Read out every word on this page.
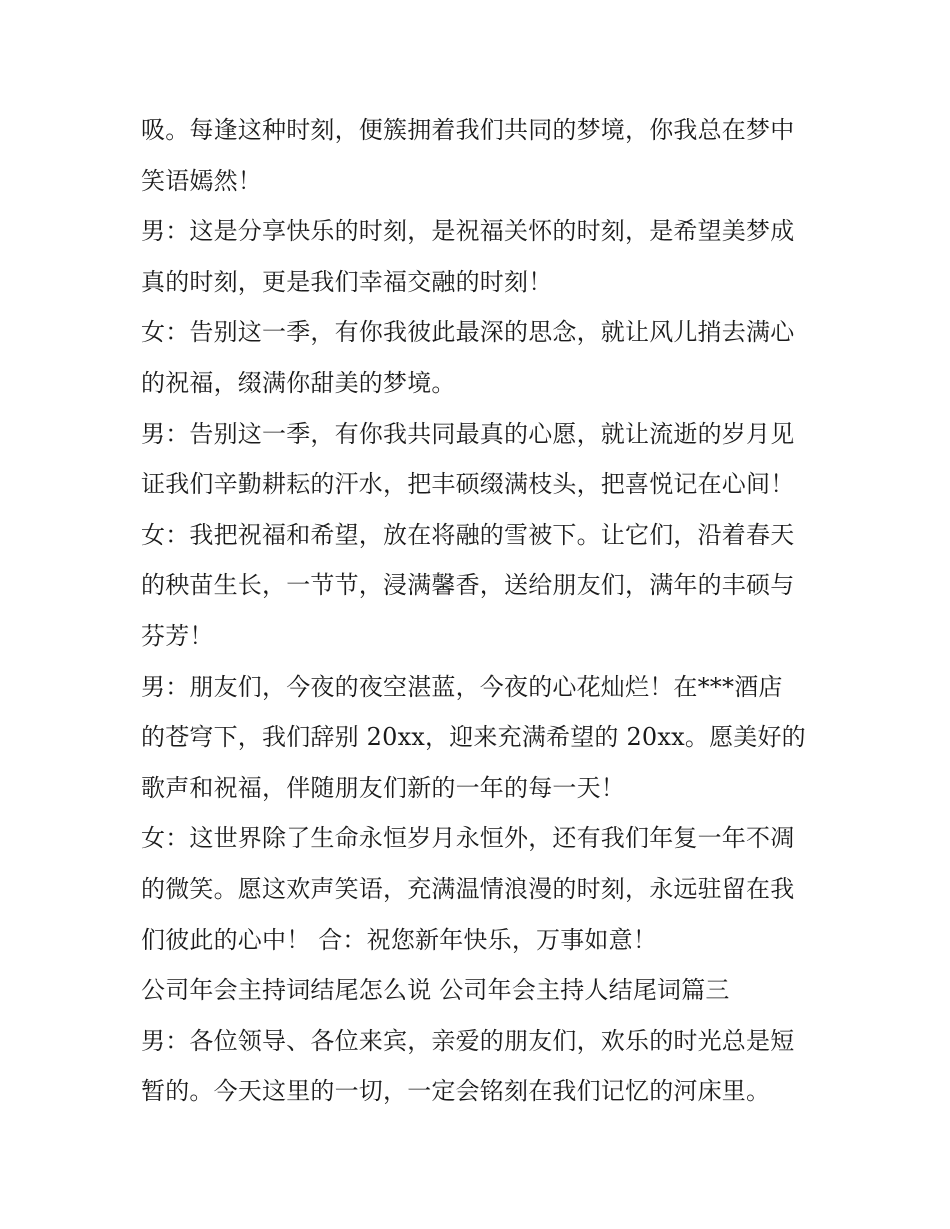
吸。每逢这种时刻，便簇拥着我们共同的梦境，你我总在梦中
笑语嫣然！
男：这是分享快乐的时刻，是祝福关怀的时刻，是希望美梦成
真的时刻，更是我们幸福交融的时刻！
女：告别这一季，有你我彼此最深的思念，就让风儿捎去满心
的祝福，缀满你甜美的梦境。
男：告别这一季，有你我共同最真的心愿，就让流逝的岁月见
证我们辛勤耕耘的汗水，把丰硕缀满枝头，把喜悦记在心间！
女：我把祝福和希望，放在将融的雪被下。让它们，沿着春天
的秧苗生长，一节节，浸满馨香，送给朋友们，满年的丰硕与
芬芳！
男：朋友们，今夜的夜空湛蓝，今夜的心花灿烂！在***酒店
的苍穹下，我们辞别 20xx，迎来充满希望的 20xx。愿美好的
歌声和祝福，伴随朋友们新的一年的每一天！
女：这世界除了生命永恒岁月永恒外，还有我们年复一年不凋
的微笑。愿这欢声笑语，充满温情浪漫的时刻，永远驻留在我
们彼此的心中！ 合：祝您新年快乐，万事如意！
公司年会主持词结尾怎么说 公司年会主持人结尾词篇三
男：各位领导、各位来宾，亲爱的朋友们，欢乐的时光总是短
暂的。今天这里的一切，一定会铭刻在我们记忆的河床里。
